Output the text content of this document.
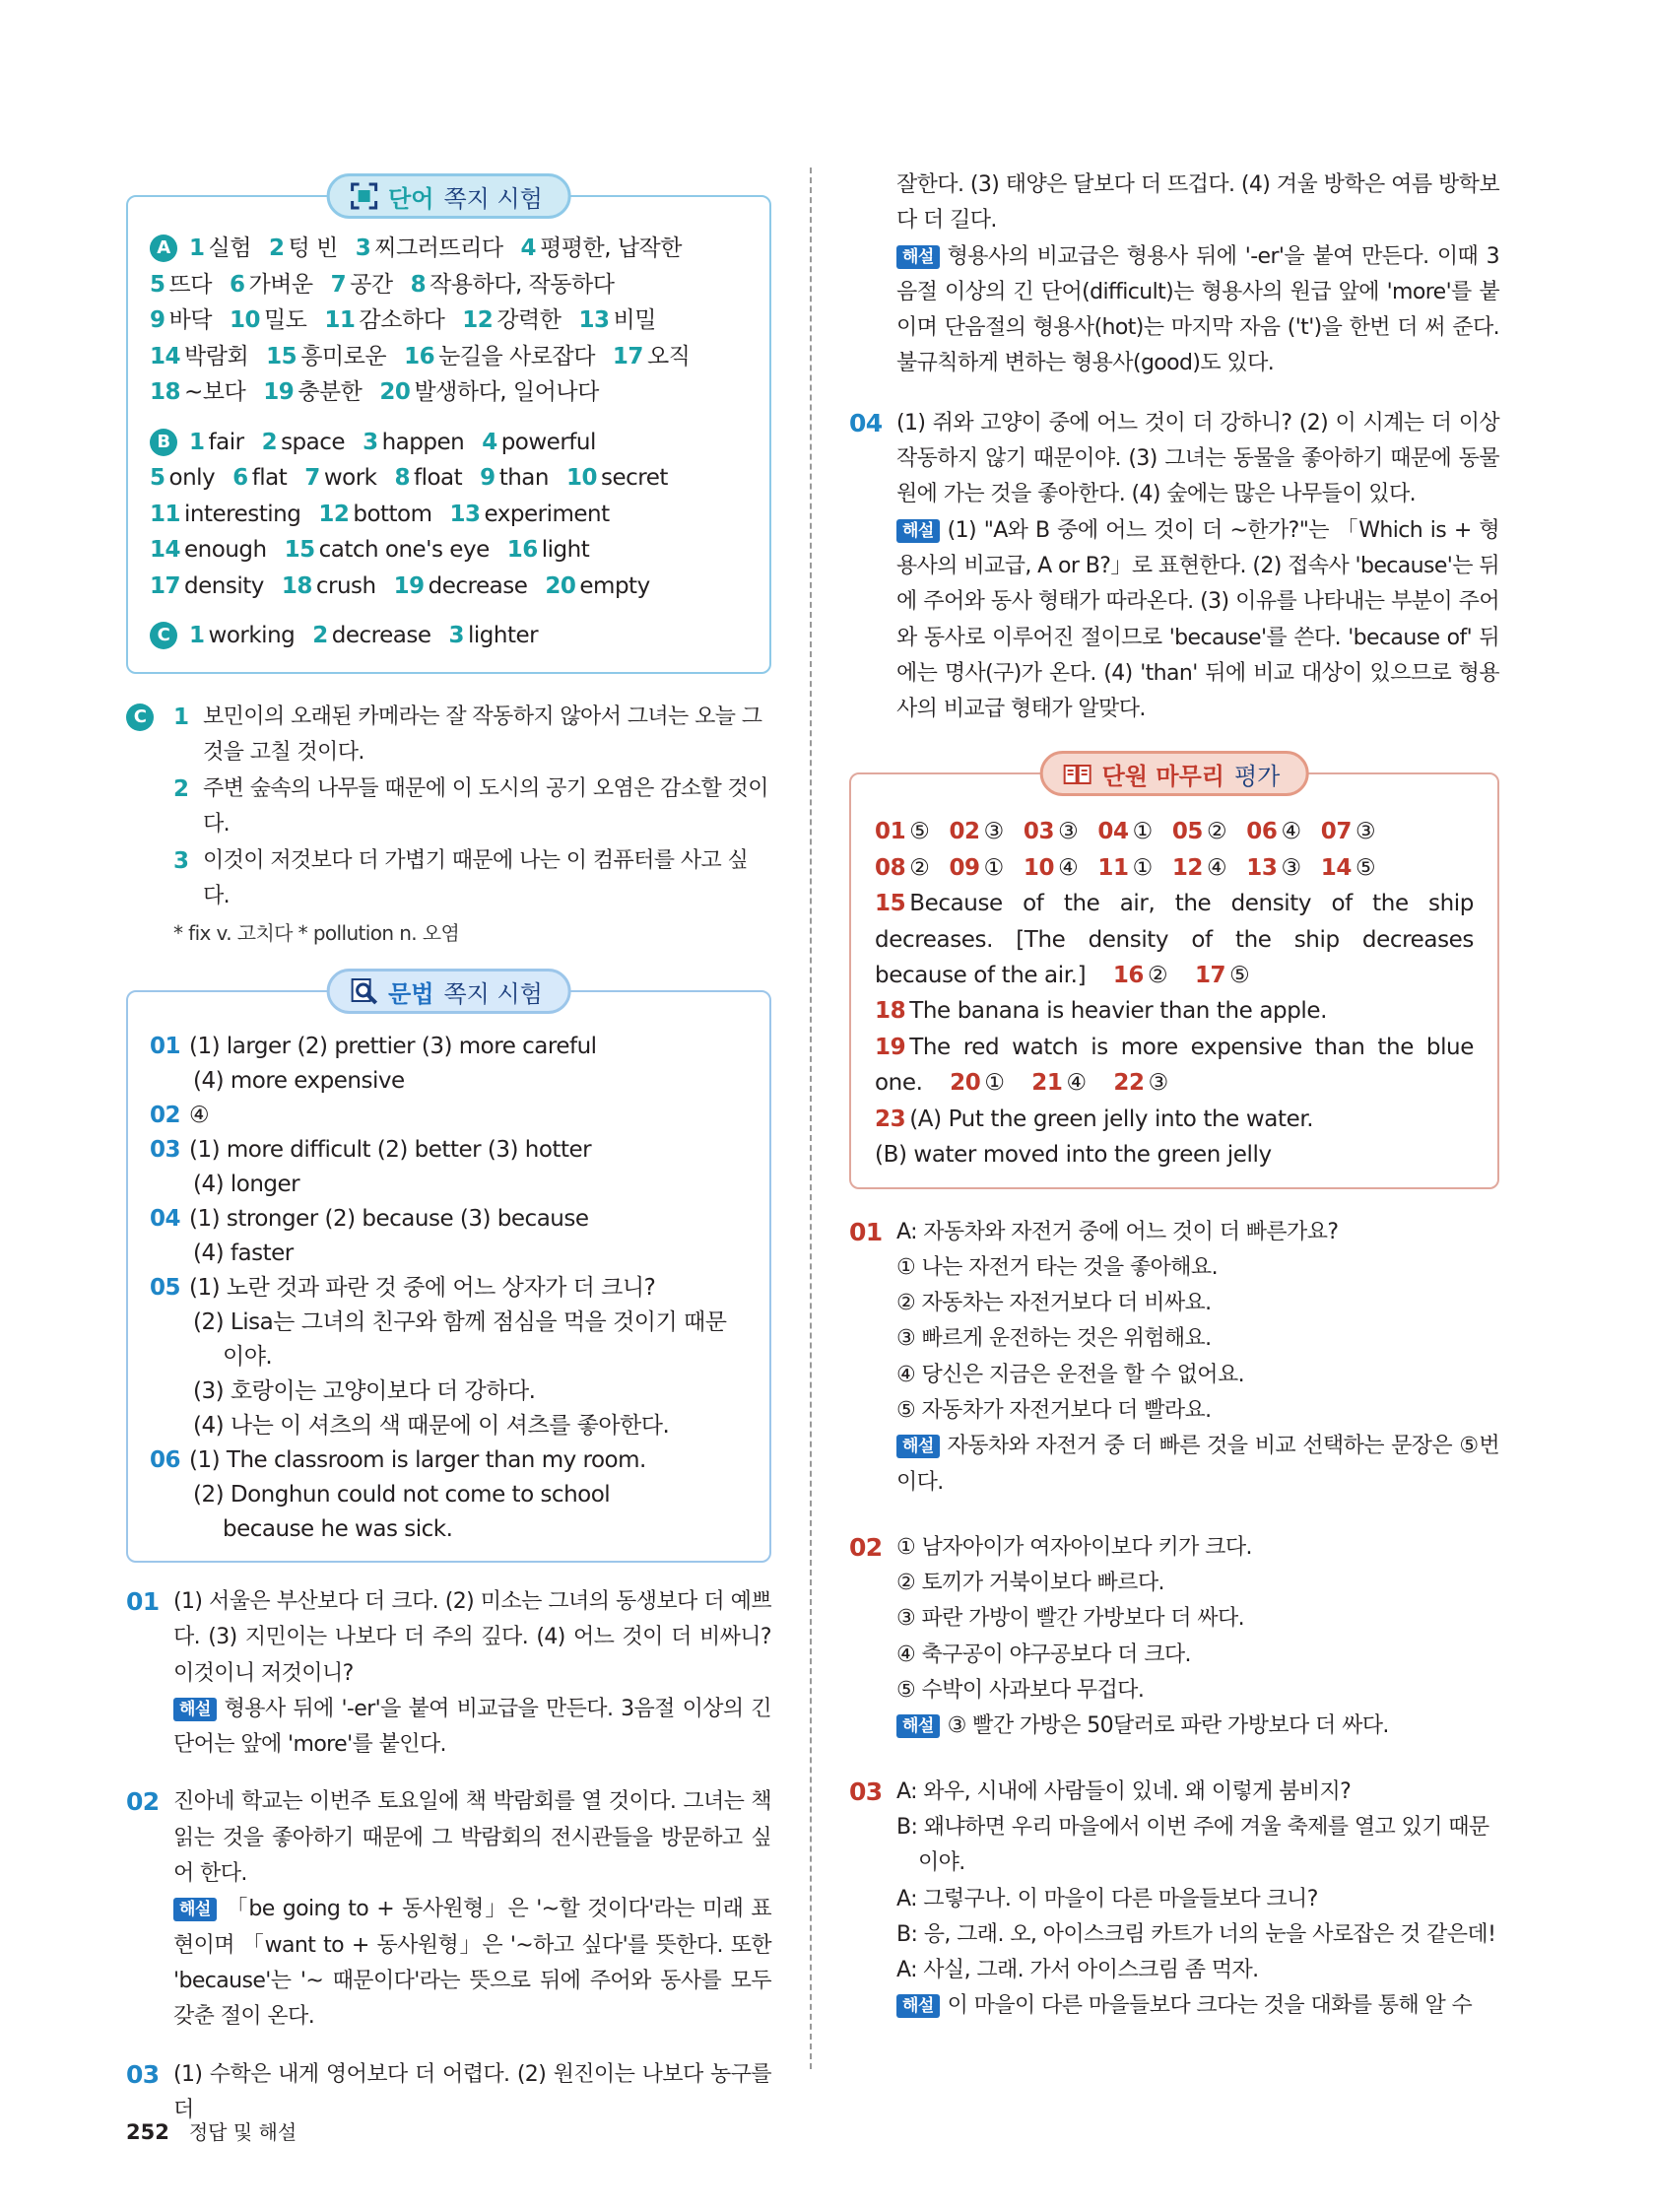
단어 쪽지 시험
A 1 실험 2 텅 빈 3 찌그러뜨리다 4 평평한, 납작한
5 뜨다 6 가벼운 7 공간 8 작용하다, 작동하다
9 바닥 10 밀도 11 감소하다 12 강력한 13 비밀
14 박람회 15 흥미로운 16 눈길을 사로잡다 17 오직
18 ~보다 19 충분한 20 발생하다, 일어나다
B 1 fair 2 space 3 happen 4 powerful
5 only 6 flat 7 work 8 float 9 than 10 secret
11 interesting 12 bottom 13 experiment
14 enough 15 catch one's eye 16 light
17 density 18 crush 19 decrease 20 empty
C 1 working 2 decrease 3 lighter
C	1 보민이의 오래된 카메라는 잘 작동하지 않아서 그녀는 오늘 그것을 고칠 것이다.
2 주변 숲속의 나무들 때문에 이 도시의 공기 오염은 감소할 것이다.
3 이것이 저것보다 더 가볍기 때문에 나는 이 컴퓨터를 사고 싶다.
* fix v. 고치다 * pollution n. 오염
문법 쪽지 시험
01 (1) larger (2) prettier (3) more careful
(4) more expensive
02 ④
03 (1) more difficult (2) better (3) hotter
(4) longer
04 (1) stronger (2) because (3) because
(4) faster
05 (1) 노란 것과 파란 것 중에 어느 상자가 더 크니?
(2) Lisa는 그녀의 친구와 함께 점심을 먹을 것이기 때문
이야.
(3) 호랑이는 고양이보다 더 강하다.
(4) 나는 이 셔츠의 색 때문에 이 셔츠를 좋아한다.
06 (1) The classroom is larger than my room.
(2) Donghun could not come to school
because he was sick.
01 (1) 서울은 부산보다 더 크다. (2) 미소는 그녀의 동생보다 더 예쁘다. (3) 지민이는 나보다 더 주의 깊다. (4) 어느 것이 더 비싸니? 이것이니 저것이니?
해설 형용사 뒤에 '-er'을 붙여 비교급을 만든다. 3음절 이상의 긴 단어는 앞에 'more'를 붙인다.
02 진아네 학교는 이번주 토요일에 책 박람회를 열 것이다. 그녀는 책 읽는 것을 좋아하기 때문에 그 박람회의 전시관들을 방문하고 싶어 한다.
해설 「be going to + 동사원형」은 '~할 것이다'라는 미래 표현이며 「want to + 동사원형」은 '~하고 싶다'를 뜻한다. 또한 'because'는 '~ 때문이다'라는 뜻으로 뒤에 주어와 동사를 모두 갖춘 절이 온다.
03 (1) 수학은 내게 영어보다 더 어렵다. (2) 원진이는 나보다 농구를 더
잘한다. (3) 태양은 달보다 더 뜨겁다. (4) 겨울 방학은 여름 방학보다 더 길다.
해설 형용사의 비교급은 형용사 뒤에 '-er'을 붙여 만든다. 이때 3음절 이상의 긴 단어(difficult)는 형용사의 원급 앞에 'more'를 붙이며 단음절의 형용사(hot)는 마지막 자음 ('t')을 한번 더 써 준다. 불규칙하게 변하는 형용사(good)도 있다.
04 (1) 쥐와 고양이 중에 어느 것이 더 강하니? (2) 이 시계는 더 이상 작동하지 않기 때문이야. (3) 그녀는 동물을 좋아하기 때문에 동물원에 가는 것을 좋아한다. (4) 숲에는 많은 나무들이 있다.
해설 (1) "A와 B 중에 어느 것이 더 ~한가?"는 「Which is + 형용사의 비교급, A or B?」로 표현한다. (2) 접속사 'because'는 뒤에 주어와 동사 형태가 따라온다. (3) 이유를 나타내는 부분이 주어와 동사로 이루어진 절이므로 'because'를 쓴다. 'because of' 뒤에는 명사(구)가 온다. (4) 'than' 뒤에 비교 대상이 있으므로 형용사의 비교급 형태가 알맞다.
단원 마무리 평가
01 ⑤ 02 ③ 03 ③ 04 ① 05 ② 06 ④ 07 ③
08 ② 09 ① 10 ④ 11 ① 12 ④ 13 ③ 14 ⑤
15 Because of the air, the density of the ship decreases. [The density of the ship decreases because of the air.] 16 ② 17 ⑤
18 The banana is heavier than the apple.
19 The red watch is more expensive than the blue one. 20 ① 21 ④ 22 ③
23 (A) Put the green jelly into the water.
(B) water moved into the green jelly
01 A: 자동차와 자전거 중에 어느 것이 더 빠른가요?
① 나는 자전거 타는 것을 좋아해요.
② 자동차는 자전거보다 더 비싸요.
③ 빠르게 운전하는 것은 위험해요.
④ 당신은 지금은 운전을 할 수 없어요.
⑤ 자동차가 자전거보다 더 빨라요.
해설 자동차와 자전거 중 더 빠른 것을 비교 선택하는 문장은 ⑤번이다.
02 ① 남자아이가 여자아이보다 키가 크다.
② 토끼가 거북이보다 빠르다.
③ 파란 가방이 빨간 가방보다 더 싸다.
④ 축구공이 야구공보다 더 크다.
⑤ 수박이 사과보다 무겁다.
해설 ③ 빨간 가방은 50달러로 파란 가방보다 더 싸다.
03 A: 와우, 시내에 사람들이 있네. 왜 이렇게 붐비지?
B: 왜냐하면 우리 마을에서 이번 주에 겨울 축제를 열고 있기 때문
이야.
A: 그렇구나. 이 마을이 다른 마을들보다 크니?
B: 응, 그래. 오, 아이스크림 카트가 너의 눈을 사로잡은 것 같은데!
A: 사실, 그래. 가서 아이스크림 좀 먹자.
해설 이 마을이 다른 마을들보다 크다는 것을 대화를 통해 알 수
252 정답 및 해설
